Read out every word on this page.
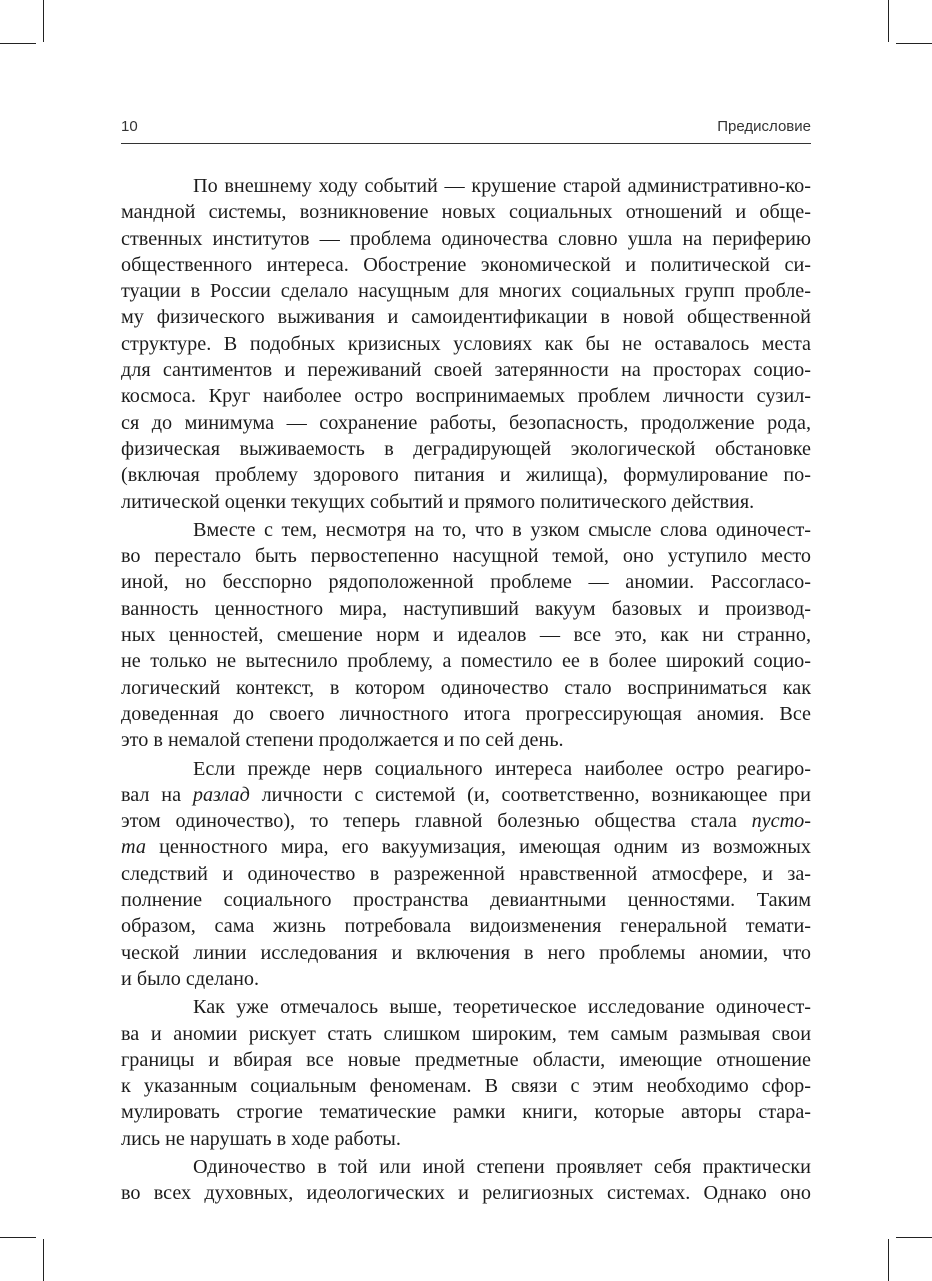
10	Предисловие
По внешнему ходу событий — крушение старой административно-ко-
мандной системы, возникновение новых социальных отношений и обще-
ственных институтов — проблема одиночества словно ушла на периферию
общественного интереса. Обострение экономической и политической си-
туации в России сделало насущным для многих социальных групп пробле-
му физического выживания и самоидентификации в новой общественной
структуре. В подобных кризисных условиях как бы не оставалось места
для сантиментов и переживаний своей затерянности на просторах социо-
космоса. Круг наиболее остро воспринимаемых проблем личности сузил-
ся до минимума — сохранение работы, безопасность, продолжение рода,
физическая выживаемость в деградирующей экологической обстановке
(включая проблему здорового питания и жилища), формулирование по-
литической оценки текущих событий и прямого политического действия.
Вместе с тем, несмотря на то, что в узком смысле слова одиночест-
во перестало быть первостепенно насущной темой, оно уступило место
иной, но бесспорно рядоположенной проблеме — аномии. Рассогласо-
ванность ценностного мира, наступивший вакуум базовых и производ-
ных ценностей, смешение норм и идеалов — все это, как ни странно,
не только не вытеснило проблему, а поместило ее в более широкий социо-
логический контекст, в котором одиночество стало восприниматься как
доведенная до своего личностного итога прогрессирующая аномия. Все
это в немалой степени продолжается и по сей день.
Если прежде нерв социального интереса наиболее остро реагиро-
вал на разлад личности с системой (и, соответственно, возникающее при
этом одиночество), то теперь главной болезнью общества стала пусто-
та ценностного мира, его вакуумизация, имеющая одним из возможных
следствий и одиночество в разреженной нравственной атмосфере, и за-
полнение социального пространства девиантными ценностями. Таким
образом, сама жизнь потребовала видоизменения генеральной темати-
ческой линии исследования и включения в него проблемы аномии, что
и было сделано.
Как уже отмечалось выше, теоретическое исследование одиночест-
ва и аномии рискует стать слишком широким, тем самым размывая свои
границы и вбирая все новые предметные области, имеющие отношение
к указанным социальным феноменам. В связи с этим необходимо сфор-
мулировать строгие тематические рамки книги, которые авторы стара-
лись не нарушать в ходе работы.
Одиночество в той или иной степени проявляет себя практически
во всех духовных, идеологических и религиозных системах. Однако оно
